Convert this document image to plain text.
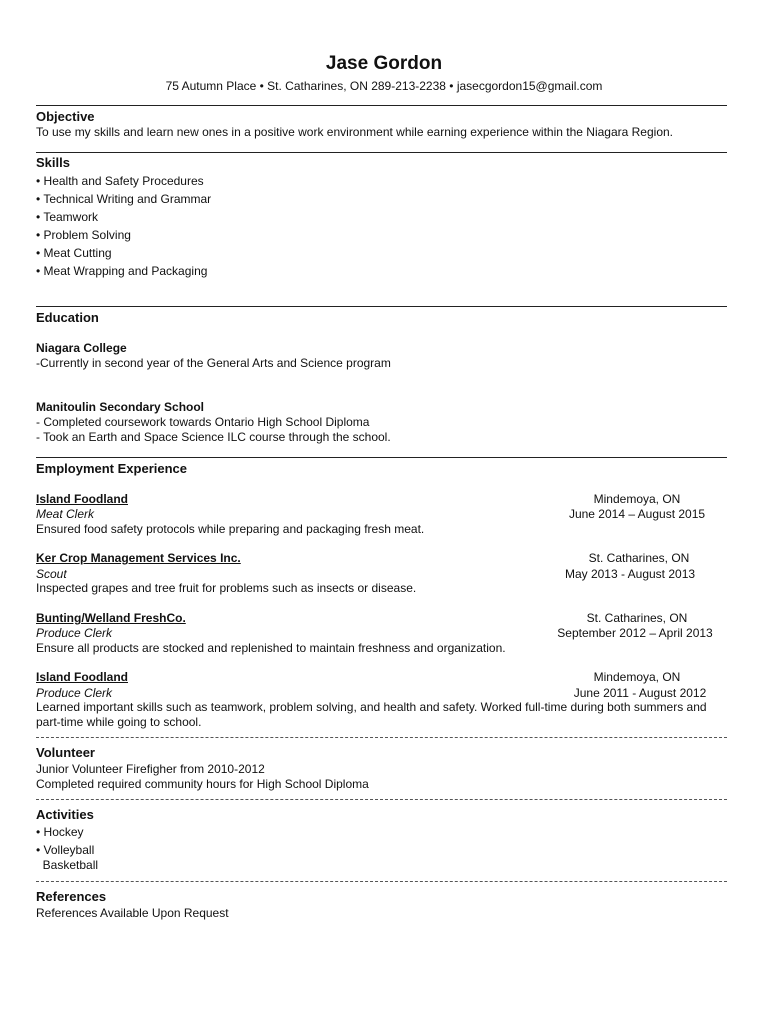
Jase Gordon
75 Autumn Place • St. Catharines, ON 289-213-2238 • jasecgordon15@gmail.com
Objective
To use my skills and learn new ones in a positive work environment while earning experience within the Niagara Region.
Skills
• Health and Safety Procedures
• Technical Writing and Grammar
• Teamwork
• Problem Solving
• Meat Cutting
• Meat Wrapping and Packaging
Education
Niagara College
-Currently in second year of the General Arts and Science program
Manitoulin Secondary School
- Completed coursework towards Ontario High School Diploma
- Took an Earth and Space Science ILC course through the school.
Employment Experience
Island Foodland	Mindemoya, ON
Meat Clerk	June 2014 – August 2015
Ensured food safety protocols while preparing and packaging fresh meat.
Ker Crop Management Services Inc.	St. Catharines, ON
Scout	May 2013 - August 2013
Inspected grapes and tree fruit for problems such as insects or disease.
Bunting/Welland FreshCo.	St. Catharines, ON
Produce Clerk	September 2012 – April 2013
Ensure all products are stocked and replenished to maintain freshness and organization.
Island Foodland	Mindemoya, ON
Produce Clerk	June 2011 - August 2012
Learned important skills such as teamwork, problem solving, and health and safety. Worked full-time during both summers and part-time while going to school.
Volunteer
Junior Volunteer Firefigher from 2010-2012
Completed required community hours for High School Diploma
Activities
• Hockey
• Volleyball
Basketball
References
References Available Upon Request
